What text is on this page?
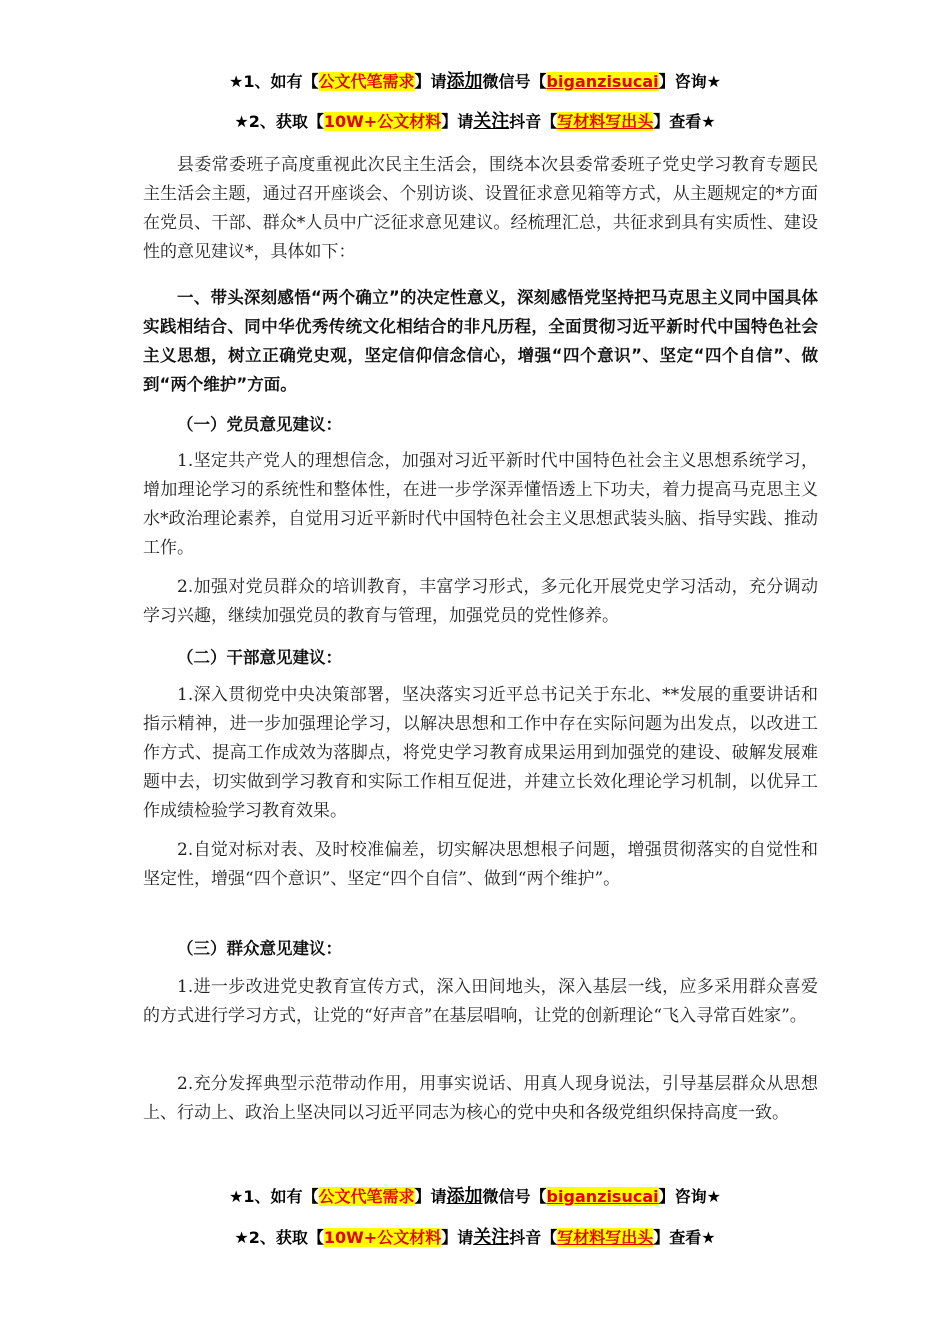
★1、如有【公文代笔需求】请添加微信号【biganzisucai】咨询★
★2、获取【10W+公文材料】请关注抖音【写材料写出头】查看★

县委常委班子高度重视此次民主生活会，围绕本次县委常委班子党史学习教育专题民主生活会主题，通过召开座谈会、个别访谈、设置征求意见箱等方式，从主题规定的*方面在党员、干部、群众*人员中广泛征求意见建议。经梳理汇总，共征求到具有实质性、建设性的意见建议*，具体如下：

一、带头深刻感悟“两个确立”的决定性意义，深刻感悟党坚持把马克思主义同中国具体实践相结合、同中华优秀传统文化相结合的非凡历程，全面贯彻习近平新时代中国特色社会主义思想，树立正确党史观，坚定信仰信念信心，增强“四个意识”、坚定“四个自信”、做到“两个维护”方面。

（一）党员意见建议：

1.坚定共产党人的理想信念，加强对习近平新时代中国特色社会主义思想系统学习，增加理论学习的系统性和整体性，在进一步学深弄懂悟透上下功夫，着力提高马克思主义水*政治理论素养，自觉用习近平新时代中国特色社会主义思想武装头脑、指导实践、推动工作。

2.加强对党员群众的培训教育，丰富学习形式，多元化开展党史学习活动，充分调动学习兴趣，继续加强党员的教育与管理，加强党员的党性修养。

（二）干部意见建议：

1.深入贯彻党中央决策部署，坚决落实习近平总书记关于东北、**发展的重要讲话和指示精神，进一步加强理论学习，以解决思想和工作中存在实际问题为出发点，以改进工作方式、提高工作成效为落脚点，将党史学习教育成果运用到加强党的建设、破解发展难题中去，切实做到学习教育和实际工作相互促进，并建立长效化理论学习机制，以优异工作成绩检验学习教育效果。

2.自觉对标对表、及时校准偏差，切实解决思想根子问题，增强贯彻落实的自觉性和坚定性，增强“四个意识”、坚定“四个自信”、做到“两个维护”。

（三）群众意见建议：

1.进一步改进党史教育宣传方式，深入田间地头，深入基层一线，应多采用群众喜爱的方式进行学习方式，让党的“好声音”在基层唱响，让党的创新理论“飞入寻常百姓家”。

2.充分发挥典型示范带动作用，用事实说话、用真人现身说法，引导基层群众从思想上、行动上、政治上坚决同以习近平同志为核心的党中央和各级党组织保持高度一致。

★1、如有【公文代笔需求】请添加微信号【biganzisucai】咨询★
★2、获取【10W+公文材料】请关注抖音【写材料写出头】查看★
